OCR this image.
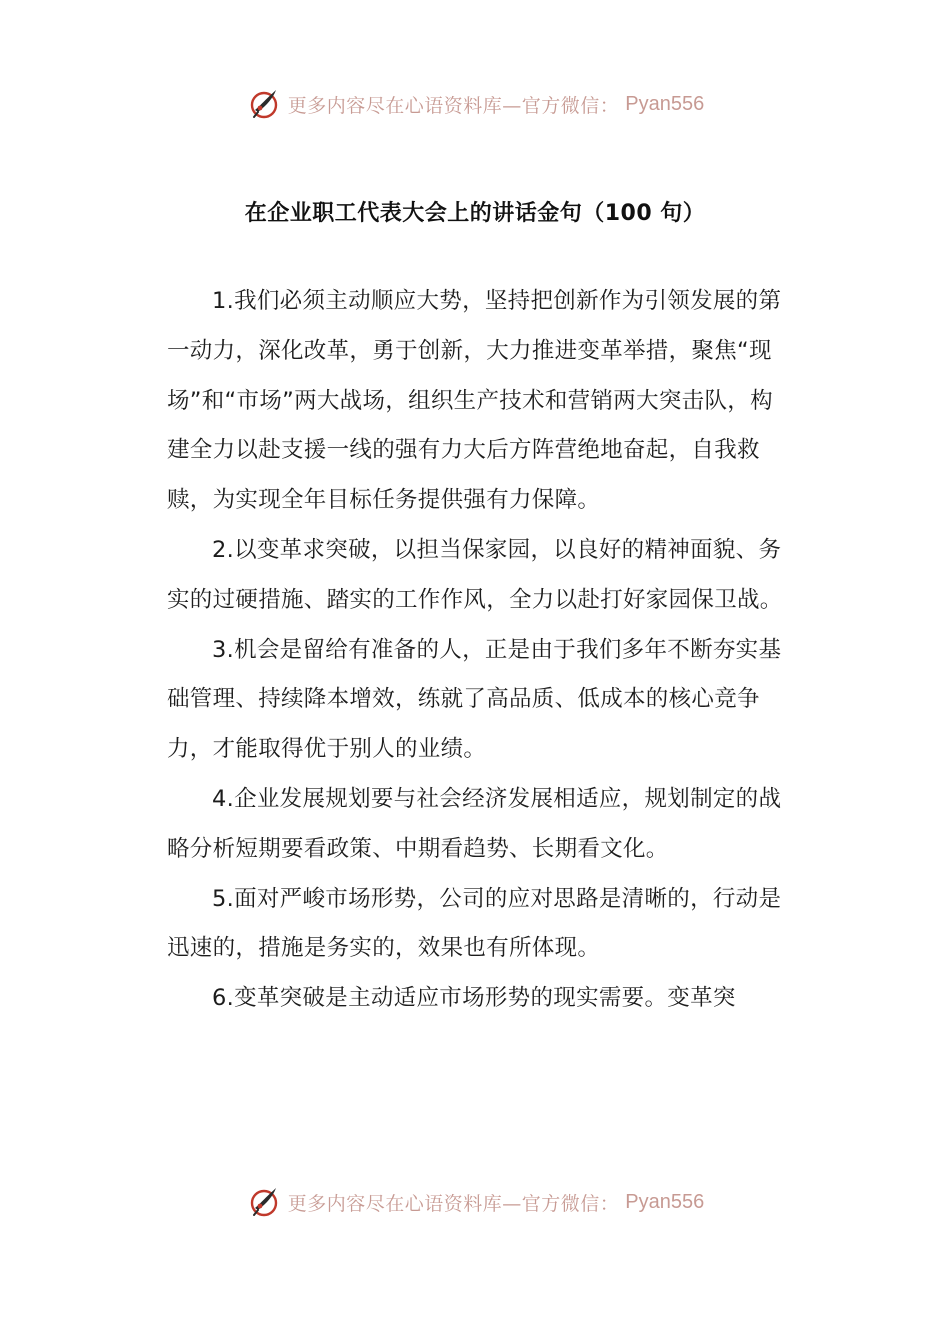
更多内容尽在心语资料库—官方微信： Pyan556
在企业职工代表大会上的讲话金句（100 句）

1.我们必须主动顺应大势，坚持把创新作为引领发展的第一动力，深化改革，勇于创新，大力推进变革举措，聚焦“现场”和“市场”两大战场，组织生产技术和营销两大突击队，构建全力以赴支援一线的强有力大后方阵营绝地奋起，自我救赎，为实现全年目标任务提供强有力保障。

2.以变革求突破，以担当保家园，以良好的精神面貌、务实的过硬措施、踏实的工作作风，全力以赴打好家园保卫战。

3.机会是留给有准备的人，正是由于我们多年不断夯实基础管理、持续降本增效，练就了高品质、低成本的核心竞争力，才能取得优于别人的业绩。

4.企业发展规划要与社会经济发展相适应，规划制定的战略分析短期要看政策、中期看趋势、长期看文化。

5.面对严峻市场形势，公司的应对思路是清晰的，行动是迅速的，措施是务实的，效果也有所体现。

6.变革突破是主动适应市场形势的现实需要。变革突

更多内容尽在心语资料库—官方微信： Pyan556
